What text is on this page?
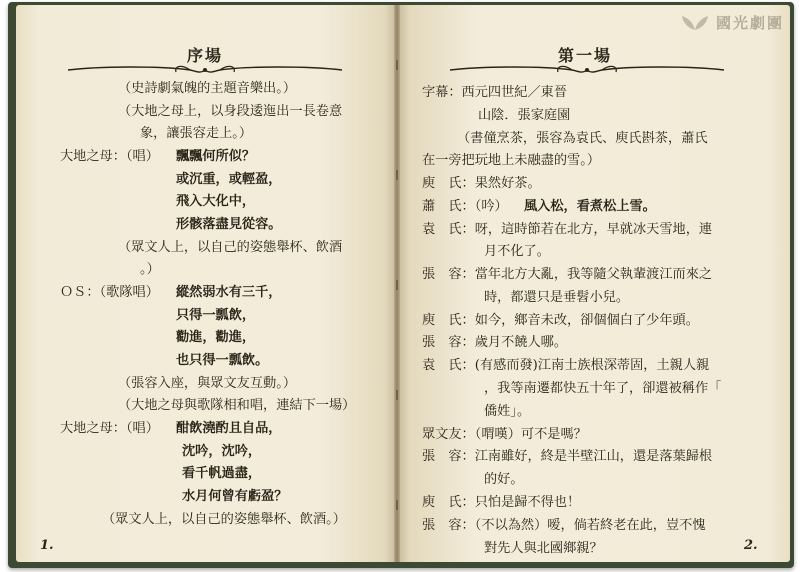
國光劇團
序場	第一場
（史詩劇氣魄的主題音樂出。）
（大地之母上，以身段逶迤出一長卷意
象，讓張容走上。）
大地之母：（唱） 飄飄何所似？
或沉重，或輕盈，
飛入大化中，
形骸落盡見從容。
（眾文人上，以自己的姿態舉杯、飲酒
。）
ＯＳ：（歌隊唱） 縱然弱水有三千，
只得一瓢飲，
勸進，勸進，
也只得一瓢飲。
（張容入座，與眾文友互動。）
（大地之母與歌隊相和唱，連結下一場）
大地之母：（唱） 酣飲澆酌且自品，
沈吟，沈吟，
看千帆過盡，
水月何曾有虧盈？
（眾文人上，以自己的姿態舉杯、飲酒。）
字幕：西元四世紀／東晉
山陰．張家庭園
（書僮烹茶，張容為袁氏、庾氏斟茶，蕭氏
在一旁把玩地上未融盡的雪。）
庾　氏：果然好茶。
蕭　氏：（吟） 風入松，看煮松上雪。
袁　氏：呀，這時節若在北方，早就冰天雪地，連
月不化了。
張　容：當年北方大亂，我等隨父執輩渡江而來之
時，都還只是垂髫小兒。
庾　氏：如今，鄉音未改，卻個個白了少年頭。
張　容：歲月不饒人哪。
袁　氏：(有感而發)江南士族根深蒂固，土親人親
，我等南遷都快五十年了，卻還被稱作「
僑姓」。
眾文友：（喟嘆）可不是嗎？
張　容：江南雖好，終是半壁江山，還是落葉歸根
的好。
庾　氏：只怕是歸不得也！
張　容：（不以為然）嗳，倘若終老在此，豈不愧
對先人與北國鄉親？
1.	2.
